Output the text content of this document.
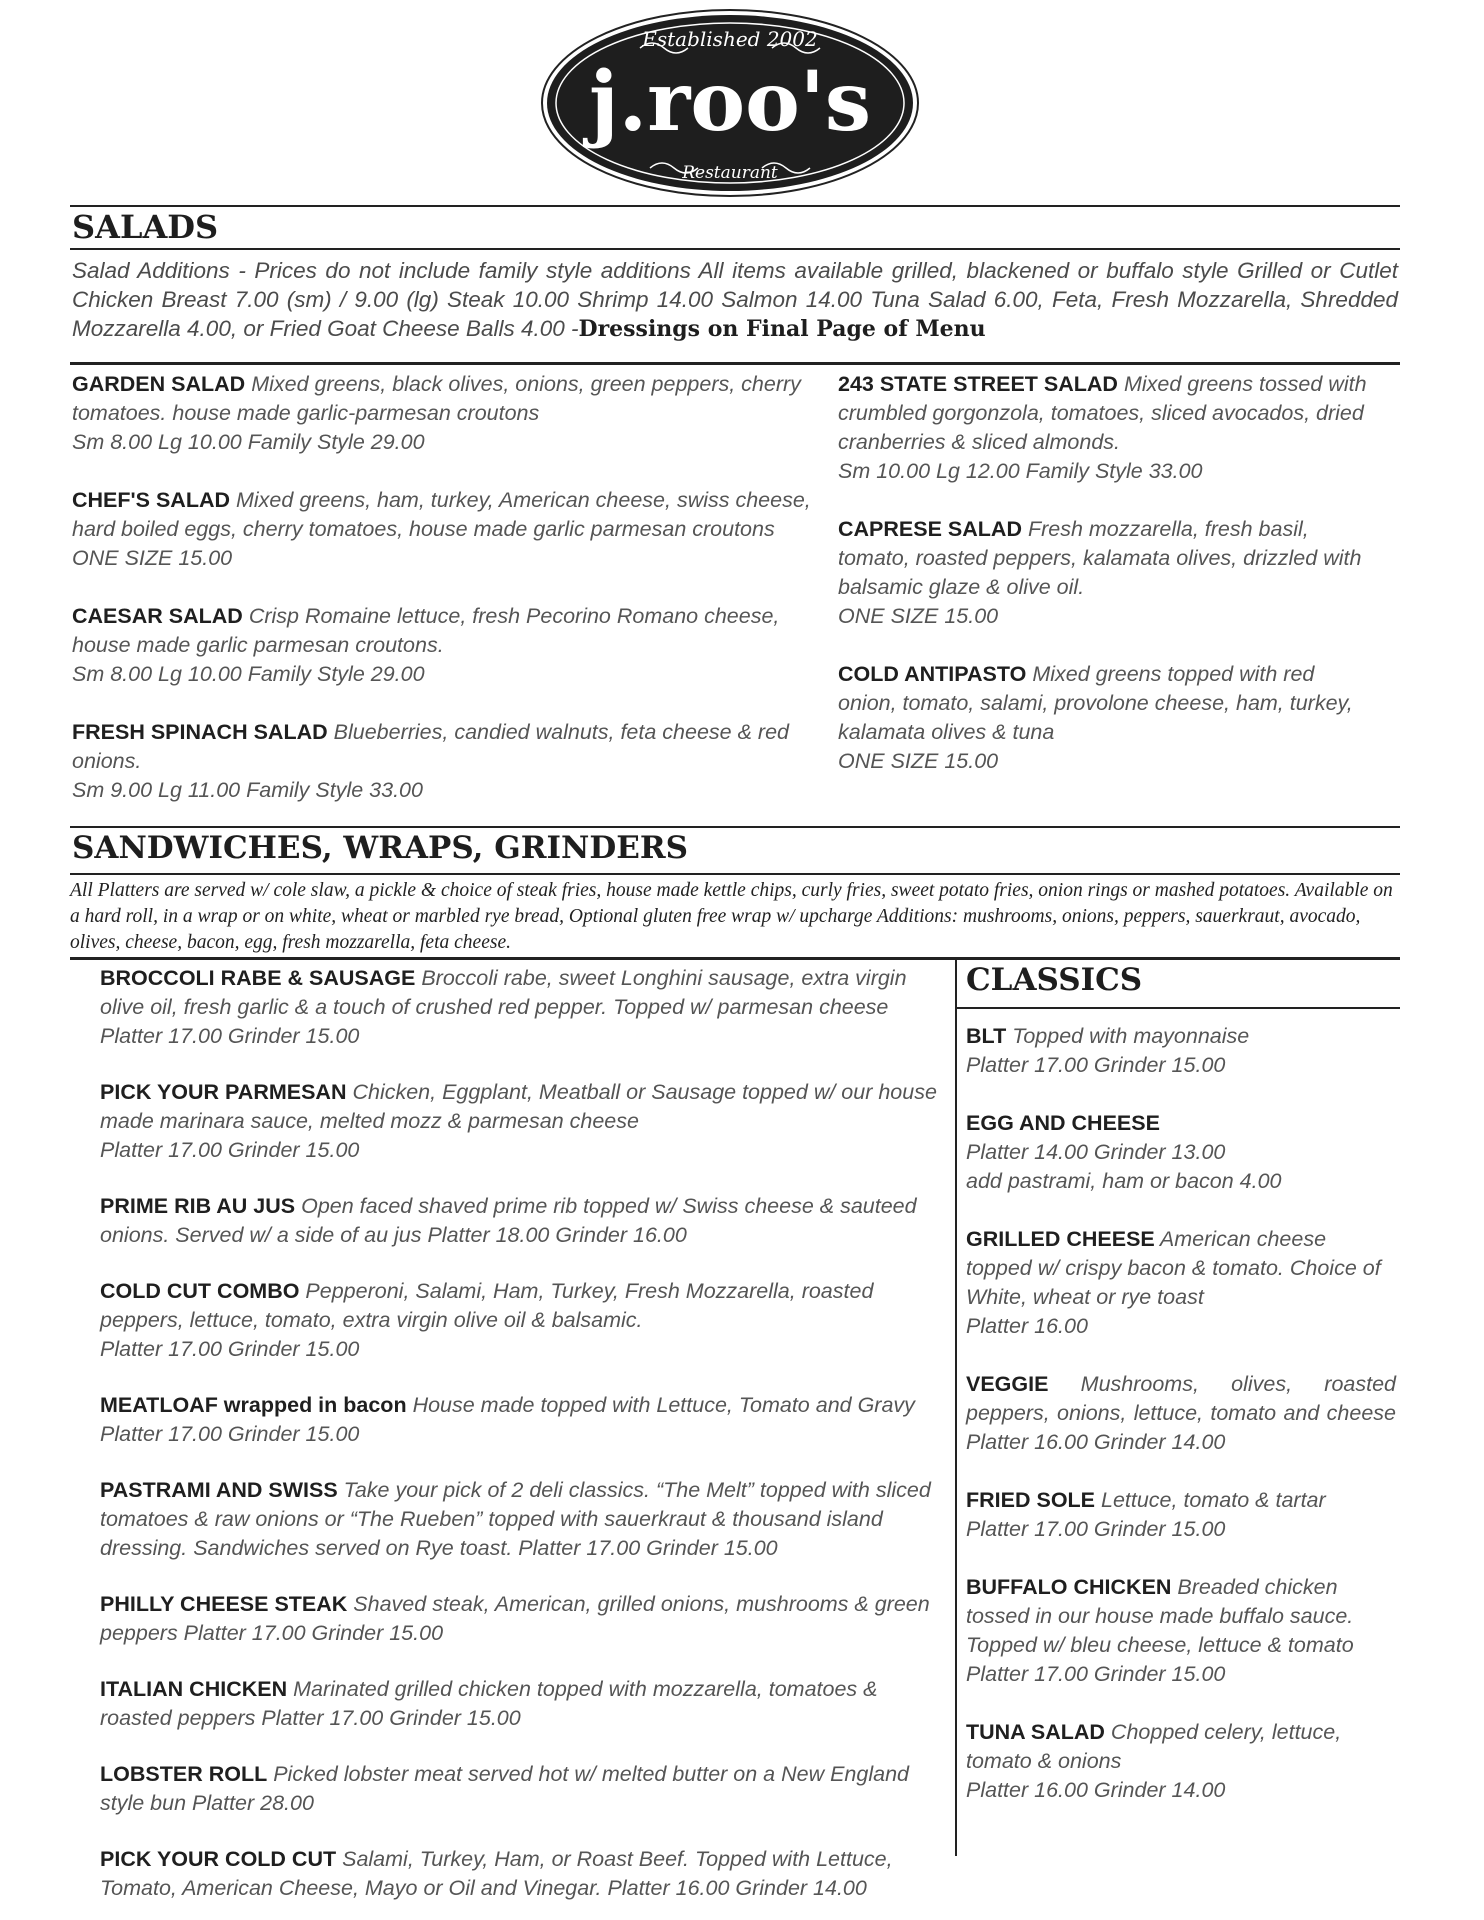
Established 2002
j.roo's
Restaurant
SALADS

Salad Additions - Prices do not include family style additions All items available grilled, blackened or buffalo style Grilled or Cutlet Chicken Breast 7.00 (sm) / 9.00 (lg) Steak 10.00 Shrimp 14.00 Salmon 14.00 Tuna Salad 6.00, Feta, Fresh Mozzarella, Shredded Mozzarella 4.00, or Fried Goat Cheese Balls 4.00 -Dressings on Final Page of Menu

GARDEN SALAD Mixed greens, black olives, onions, green peppers, cherry tomatoes. house made garlic-parmesan croutons
Sm 8.00 Lg 10.00 Family Style 29.00

CHEF'S SALAD Mixed greens, ham, turkey, American cheese, swiss cheese, hard boiled eggs, cherry tomatoes, house made garlic parmesan croutons ONE SIZE 15.00

CAESAR SALAD Crisp Romaine lettuce, fresh Pecorino Romano cheese, house made garlic parmesan croutons.
Sm 8.00 Lg 10.00 Family Style 29.00

FRESH SPINACH SALAD Blueberries, candied walnuts, feta cheese & red onions.
Sm 9.00 Lg 11.00 Family Style 33.00

243 STATE STREET SALAD Mixed greens tossed with crumbled gorgonzola, tomatoes, sliced avocados, dried cranberries & sliced almonds.
Sm 10.00 Lg 12.00 Family Style 33.00

CAPRESE SALAD Fresh mozzarella, fresh basil, tomato, roasted peppers, kalamata olives, drizzled with balsamic glaze & olive oil.
ONE SIZE 15.00

COLD ANTIPASTO Mixed greens topped with red onion, tomato, salami, provolone cheese, ham, turkey, kalamata olives & tuna
ONE SIZE 15.00

SANDWICHES, WRAPS, GRINDERS

All Platters are served w/ cole slaw, a pickle & choice of steak fries, house made kettle chips, curly fries, sweet potato fries, onion rings or mashed potatoes. Available on a hard roll, in a wrap or on white, wheat or marbled rye bread, Optional gluten free wrap w/ upcharge Additions: mushrooms, onions, peppers, sauerkraut, avocado, olives, cheese, bacon, egg, fresh mozzarella, feta cheese.

BROCCOLI RABE & SAUSAGE Broccoli rabe, sweet Longhini sausage, extra virgin olive oil, fresh garlic & a touch of crushed red pepper. Topped w/ parmesan cheese
Platter 17.00 Grinder 15.00

PICK YOUR PARMESAN Chicken, Eggplant, Meatball or Sausage topped w/ our house made marinara sauce, melted mozz & parmesan cheese
Platter 17.00 Grinder 15.00

PRIME RIB AU JUS Open faced shaved prime rib topped w/ Swiss cheese & sauteed onions. Served w/ a side of au jus Platter 18.00 Grinder 16.00

COLD CUT COMBO Pepperoni, Salami, Ham, Turkey, Fresh Mozzarella, roasted peppers, lettuce, tomato, extra virgin olive oil & balsamic.
Platter 17.00 Grinder 15.00

MEATLOAF wrapped in bacon House made topped with Lettuce, Tomato and Gravy Platter 17.00 Grinder 15.00

PASTRAMI AND SWISS Take your pick of 2 deli classics. “The Melt” topped with sliced tomatoes & raw onions or “The Rueben” topped with sauerkraut & thousand island dressing. Sandwiches served on Rye toast. Platter 17.00 Grinder 15.00

PHILLY CHEESE STEAK Shaved steak, American, grilled onions, mushrooms & green peppers Platter 17.00 Grinder 15.00

ITALIAN CHICKEN Marinated grilled chicken topped with mozzarella, tomatoes & roasted peppers Platter 17.00 Grinder 15.00

LOBSTER ROLL Picked lobster meat served hot w/ melted butter on a New England style bun Platter 28.00

PICK YOUR COLD CUT Salami, Turkey, Ham, or Roast Beef. Topped with Lettuce, Tomato, American Cheese, Mayo or Oil and Vinegar. Platter 16.00 Grinder 14.00

CLASSICS

BLT Topped with mayonnaise
Platter 17.00 Grinder 15.00

EGG AND CHEESE
Platter 14.00 Grinder 13.00
add pastrami, ham or bacon 4.00

GRILLED CHEESE American cheese topped w/ crispy bacon & tomato. Choice of White, wheat or rye toast
Platter 16.00

VEGGIE Mushrooms, olives, roasted peppers, onions, lettuce, tomato and cheese Platter 16.00 Grinder 14.00

FRIED SOLE Lettuce, tomato & tartar
Platter 17.00 Grinder 15.00

BUFFALO CHICKEN Breaded chicken tossed in our house made buffalo sauce. Topped w/ bleu cheese, lettuce & tomato
Platter 17.00 Grinder 15.00

TUNA SALAD Chopped celery, lettuce, tomato & onions
Platter 16.00 Grinder 14.00
